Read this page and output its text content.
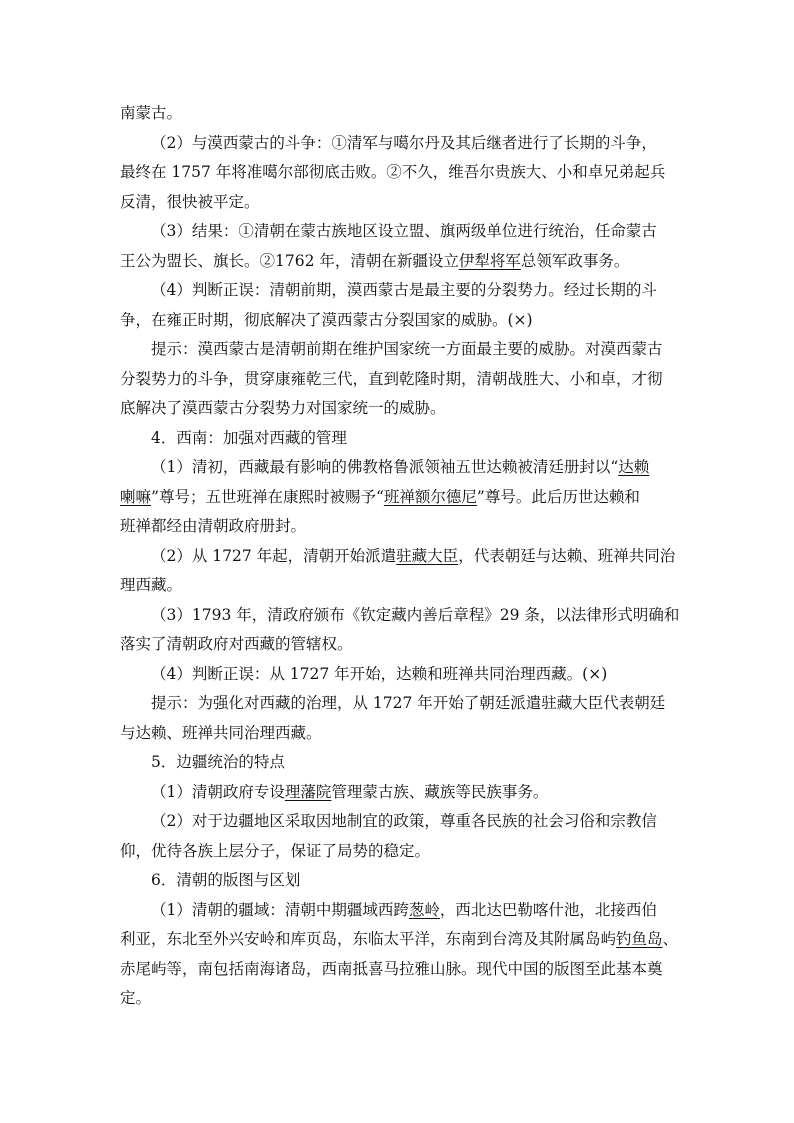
南蒙古。
（2）与漠西蒙古的斗争：①清军与噶尔丹及其后继者进行了长期的斗争，
最终在 1757 年将准噶尔部彻底击败。②不久，维吾尔贵族大、小和卓兄弟起兵
反清，很快被平定。
（3）结果：①清朝在蒙古族地区设立盟、旗两级单位进行统治，任命蒙古
王公为盟长、旗长。②1762 年，清朝在新疆设立伊犁将军总领军政事务。
（4）判断正误：清朝前期，漠西蒙古是最主要的分裂势力。经过长期的斗
争，在雍正时期，彻底解决了漠西蒙古分裂国家的威胁。(×)
提示：漠西蒙古是清朝前期在维护国家统一方面最主要的威胁。对漠西蒙古
分裂势力的斗争，贯穿康雍乾三代，直到乾隆时期，清朝战胜大、小和卓，才彻
底解决了漠西蒙古分裂势力对国家统一的威胁。
4．西南：加强对西藏的管理
（1）清初，西藏最有影响的佛教格鲁派领袖五世达赖被清廷册封以“达赖
喇嘛”尊号；五世班禅在康熙时被赐予“班禅额尔德尼”尊号。此后历世达赖和
班禅都经由清朝政府册封。
（2）从 1727 年起，清朝开始派遣驻藏大臣，代表朝廷与达赖、班禅共同治
理西藏。
（3）1793 年，清政府颁布《钦定藏内善后章程》29 条，以法律形式明确和
落实了清朝政府对西藏的管辖权。
（4）判断正误：从 1727 年开始，达赖和班禅共同治理西藏。(×)
提示：为强化对西藏的治理，从 1727 年开始了朝廷派遣驻藏大臣代表朝廷
与达赖、班禅共同治理西藏。
5．边疆统治的特点
（1）清朝政府专设理藩院管理蒙古族、藏族等民族事务。
（2）对于边疆地区采取因地制宜的政策，尊重各民族的社会习俗和宗教信
仰，优待各族上层分子，保证了局势的稳定。
6．清朝的版图与区划
（1）清朝的疆域：清朝中期疆域西跨葱岭，西北达巴勒喀什池，北接西伯
利亚，东北至外兴安岭和库页岛，东临太平洋，东南到台湾及其附属岛屿钓鱼岛、
赤尾屿等，南包括南海诸岛，西南抵喜马拉雅山脉。现代中国的版图至此基本奠
定。
